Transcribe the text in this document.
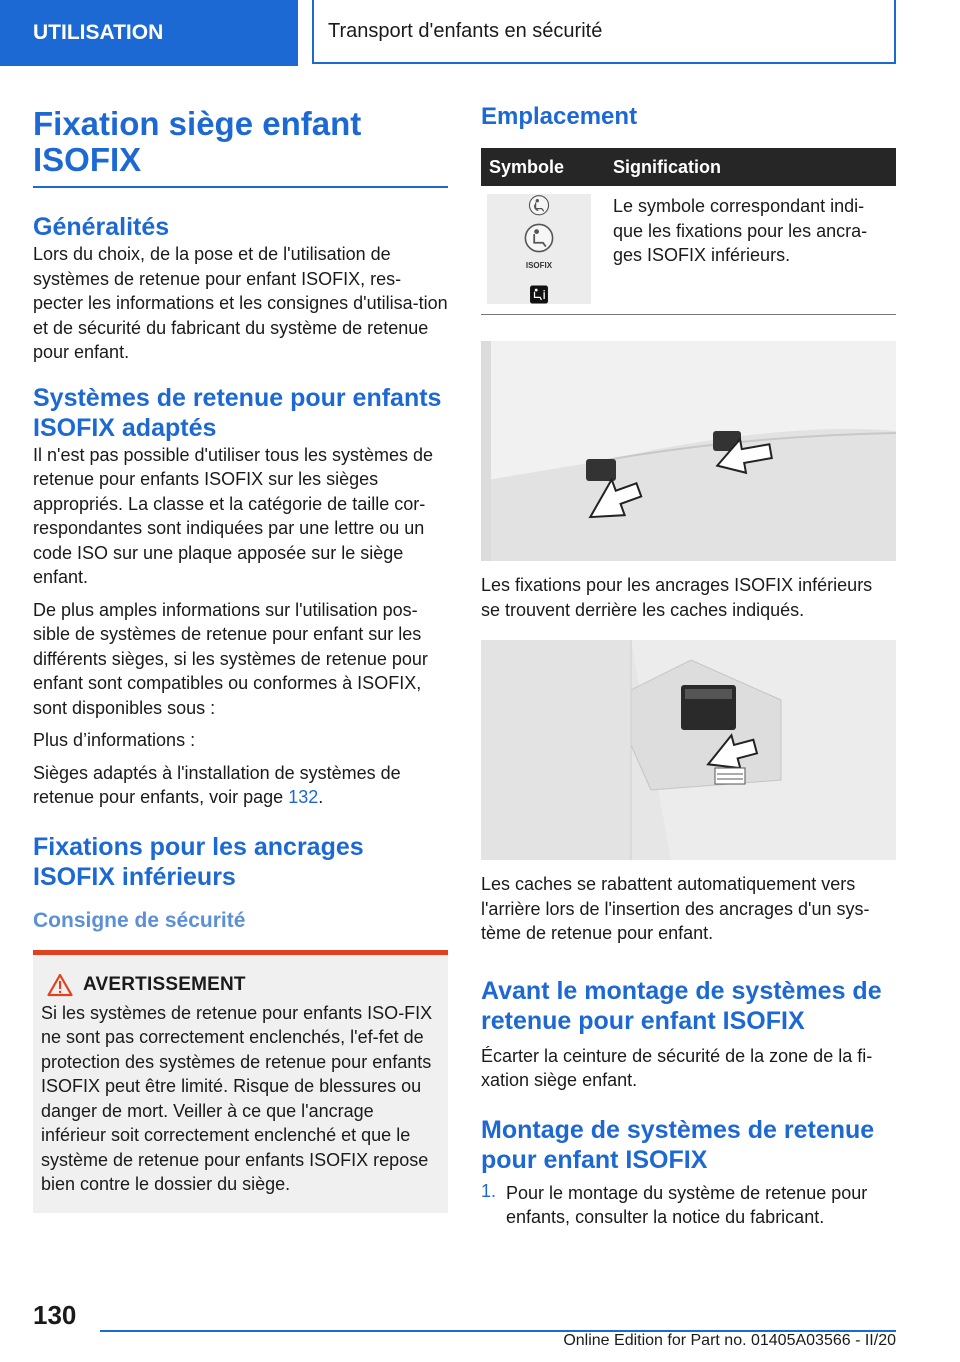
UTILISATION	Transport d'enfants en sécurité
Fixation siège enfant ISOFIX
Généralités

Lors du choix, de la pose et de l'utilisation de systèmes de retenue pour enfant ISOFIX, res-pecter les informations et les consignes d'utilisa-tion et de sécurité du fabricant du système de retenue pour enfant.

Systèmes de retenue pour enfants ISOFIX adaptés

Il n'est pas possible d'utiliser tous les systèmes de retenue pour enfants ISOFIX sur les sièges appropriés. La classe et la catégorie de taille cor-respondantes sont indiquées par une lettre ou un code ISO sur une plaque apposée sur le siège enfant.

De plus amples informations sur l'utilisation pos-sible de systèmes de retenue pour enfant sur les différents sièges, si les systèmes de retenue pour enfant sont compatibles ou conformes à ISOFIX, sont disponibles sous :

Plus d’informations :

Sièges adaptés à l'installation de systèmes de retenue pour enfants, voir page 132.

Fixations pour les ancrages ISOFIX inférieurs
Consigne de sécurité
AVERTISSEMENT

Si les systèmes de retenue pour enfants ISO-FIX ne sont pas correctement enclenchés, l'ef-fet de protection des systèmes de retenue pour enfants ISOFIX peut être limité. Risque de blessures ou danger de mort. Veiller à ce que l'ancrage inférieur soit correctement enclenché et que le système de retenue pour enfants ISOFIX repose bien contre le dossier du siège.

Emplacement
Symbole	Signification

ISOFIX	Le symbole correspondant indi-que les fixations pour les ancra-ges ISOFIX inférieurs.

Les fixations pour les ancrages ISOFIX inférieurs se trouvent derrière les caches indiqués.

Les caches se rabattent automatiquement vers l'arrière lors de l'insertion des ancrages d'un sys-tème de retenue pour enfant.

Avant le montage de systèmes de retenue pour enfant ISOFIX

Écarter la ceinture de sécurité de la zone de la fi-xation siège enfant.

Montage de systèmes de retenue pour enfant ISOFIX
1. Pour le montage du système de retenue pour enfants, consulter la notice du fabricant.

130
Online Edition for Part no. 01405A03566 - II/20
